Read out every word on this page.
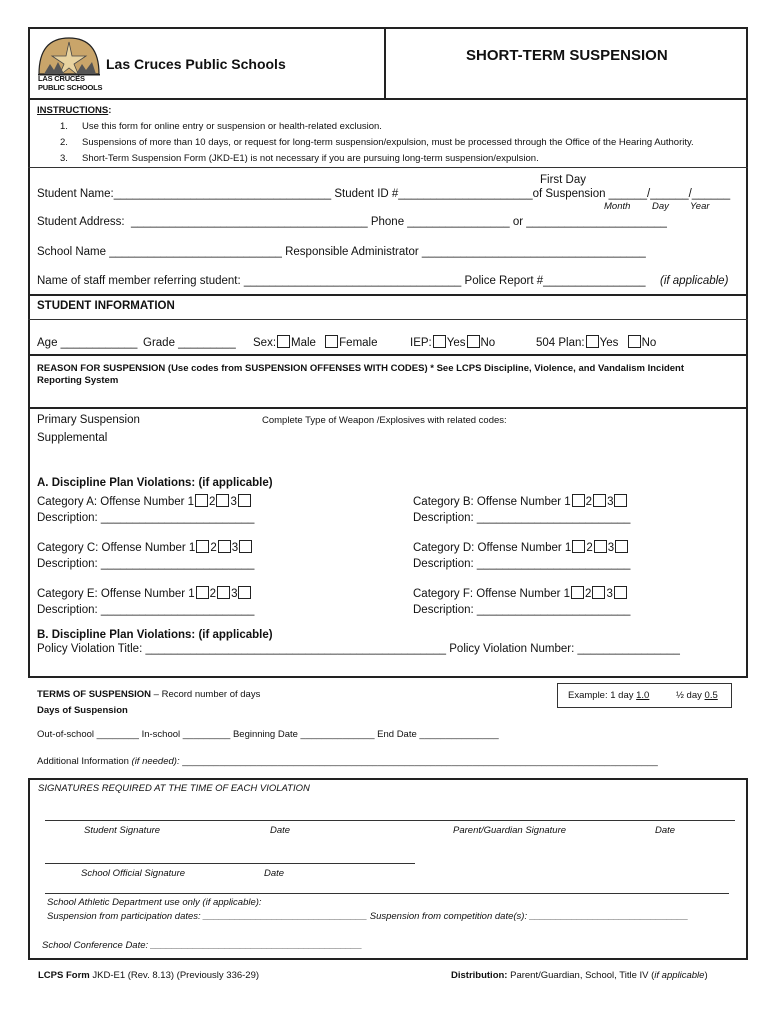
LAS CRUCES
PUBLIC SCHOOLS
Las Cruces Public Schools	SHORT-TERM SUSPENSION
INSTRUCTIONS:
1. Use this form for online entry or suspension or health-related exclusion.
2. Suspensions of more than 10 days, or request for long-term suspension/expulsion, must be processed through the Office of the Hearing Authority.
3. Short-Term Suspension Form (JKD-E1) is not necessary if you are pursuing long-term suspension/expulsion.
First Day
Student Name:__________________________________ Student ID #_____________________of Suspension ______/______/______
Month Day Year
Student Address: _____________________________________ Phone ________________ or ______________________
School Name ___________________________ Responsible Administrator ___________________________________
Name of staff member referring student: __________________________________ Police Report #________________ (if applicable)
STUDENT INFORMATION
Age ____________ Grade _________ Sex: Male Female	IEP: Yes No	504 Plan: Yes No
REASON FOR SUSPENSION (Use codes from SUSPENSION OFFENSES WITH CODES) * See LCPS Discipline, Violence, and Vandalism Incident
Reporting System
Primary Suspension	Complete Type of Weapon /Explosives with related codes:
Supplemental
A. Discipline Plan Violations: (if applicable)
Category A: Offense Number 1 2 3
Description: ________________________
Category B: Offense Number 1 2 3
Description: ________________________
Category C: Offense Number 1 2 3
Description: ________________________
Category D: Offense Number 1 2 3
Description: ________________________
Category E: Offense Number 1 2 3
Description: ________________________
Category F: Offense Number 1 2 3
Description: ________________________
B. Discipline Plan Violations: (if applicable)
Policy Violation Title: _______________________________________________ Policy Violation Number: ________________
TERMS OF SUSPENSION – Record number of days
Days of Suspension
Example: 1 day 1.0	½ day 0.5
Out-of-school ________ In-school _________ Beginning Date ______________ End Date _______________
Additional Information (if needed): __________________________________________________________________________________________
SIGNATURES REQUIRED AT THE TIME OF EACH VIOLATION
Student Signature	Date	Parent/Guardian Signature	Date
School Official Signature	Date
School Athletic Department use only (if applicable):
Suspension from participation dates: _______________________________ Suspension from competition date(s): ______________________________
School Conference Date: ________________________________________
LCPS Form JKD-E1 (Rev. 8.13) (Previously 336-29)	Distribution: Parent/Guardian, School, Title IV (if applicable)
